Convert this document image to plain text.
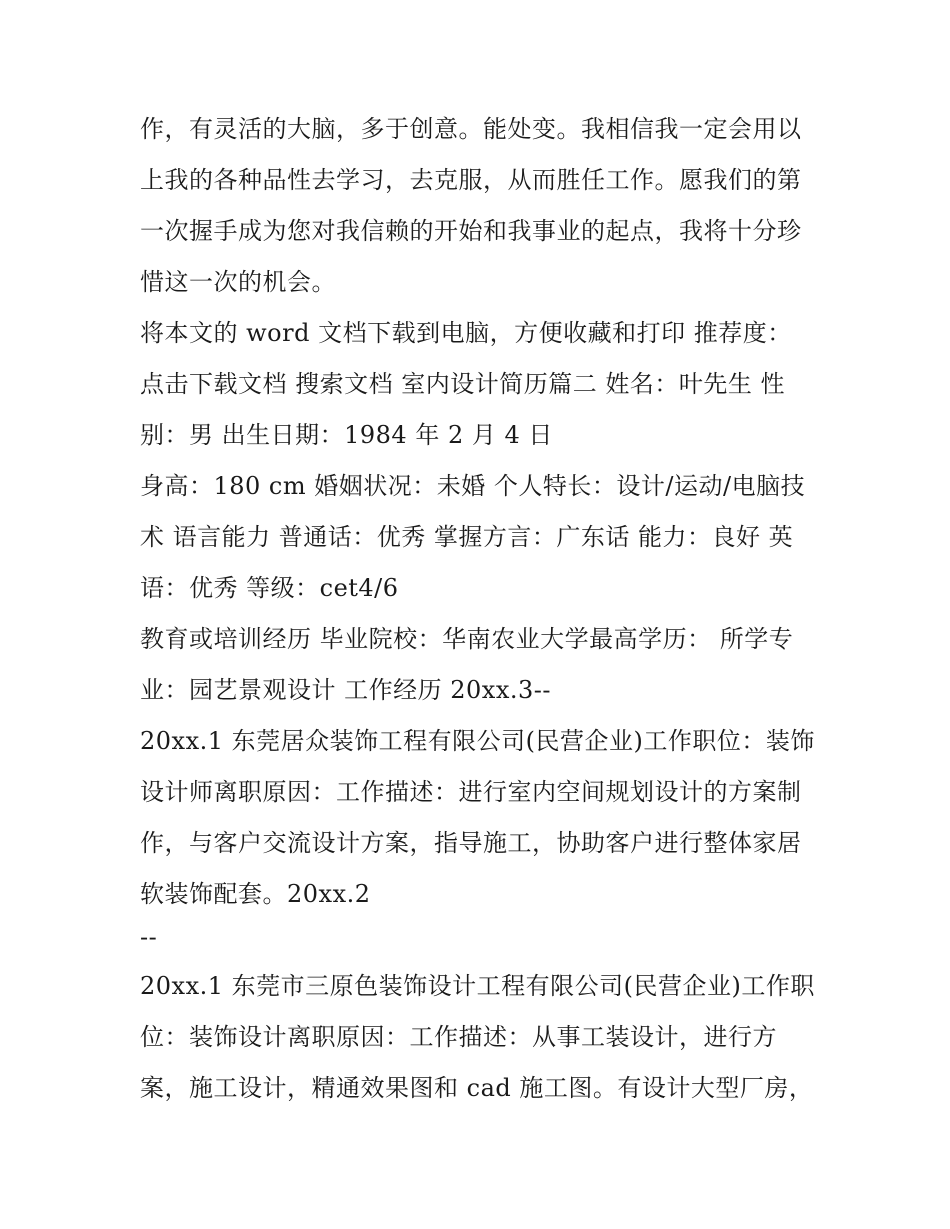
作，有灵活的大脑，多于创意。能处变。我相信我一定会用以
上我的各种品性去学习，去克服，从而胜任工作。愿我们的第
一次握手成为您对我信赖的开始和我事业的起点，我将十分珍
惜这一次的机会。
将本文的 word 文档下载到电脑，方便收藏和打印 推荐度：
点击下载文档 搜索文档 室内设计简历篇二 姓名：叶先生 性
别：男 出生日期：1984 年 2 月 4 日
身高：180 cm 婚姻状况：未婚 个人特长：设计/运动/电脑技
术 语言能力 普通话：优秀 掌握方言：广东话 能力：良好 英
语：优秀 等级：cet4/6
教育或培训经历 毕业院校：华南农业大学最高学历： 所学专
业：园艺景观设计 工作经历 20xx.3--
20xx.1 东莞居众装饰工程有限公司(民营企业)工作职位：装饰
设计师离职原因：工作描述：进行室内空间规划设计的方案制
作，与客户交流设计方案，指导施工，协助客户进行整体家居
软装饰配套。20xx.2
--
20xx.1 东莞市三原色装饰设计工程有限公司(民营企业)工作职
位：装饰设计离职原因：工作描述：从事工装设计，进行方
案，施工设计，精通效果图和 cad 施工图。有设计大型厂房，
